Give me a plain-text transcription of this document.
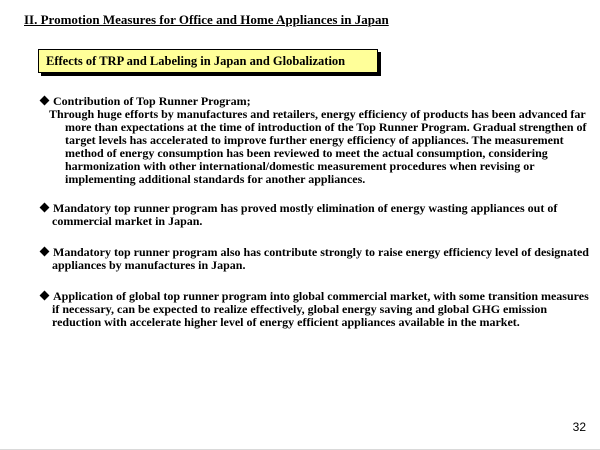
II. Promotion Measures for Office and Home Appliances in Japan
Effects of TRP and Labeling in Japan and Globalization
Contribution of Top Runner Program;
Through huge efforts by manufactures and retailers, energy efficiency of products has been advanced far more than expectations at the time of introduction of the Top Runner Program. Gradual strengthen of target levels has accelerated to improve further energy efficiency of appliances. The measurement method of energy consumption has been reviewed to meet the actual consumption, considering harmonization with other international/domestic measurement procedures when revising or implementing additional standards for another appliances.
Mandatory top runner program has proved mostly elimination of energy wasting appliances out of commercial market in Japan.
Mandatory top runner program also has contribute strongly to raise energy efficiency level of designated appliances by manufactures in Japan.
Application of global top runner program into global commercial market, with some transition measures if necessary, can be expected to realize effectively, global energy saving and global GHG emission reduction with accelerate higher level of energy efficient appliances available in the market.
32
